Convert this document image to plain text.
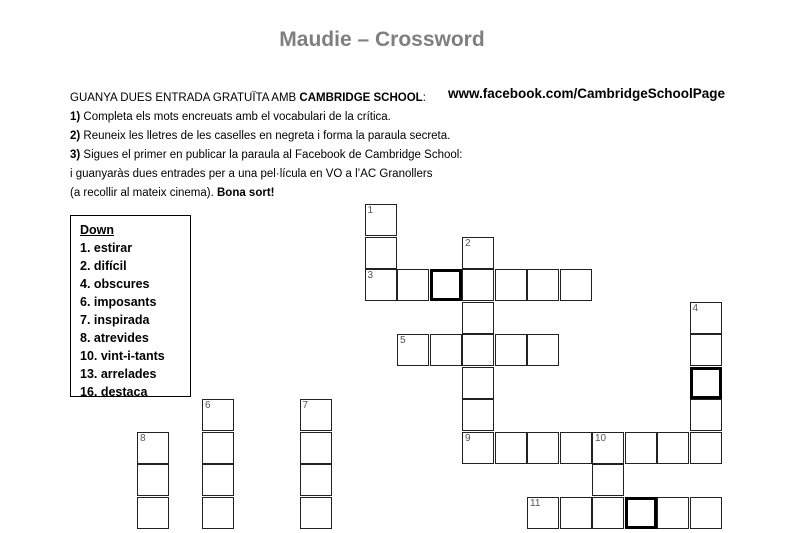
Maudie – Crossword
GUANYA DUES ENTRADA GRATUÏTA AMB CAMBRIDGE SCHOOL:
1) Completa els mots encreuats amb el vocabulari de la crítica.
2) Reuneix les lletres de les caselles en negreta i forma la paraula secreta.
3) Sigues el primer en publicar la paraula al Facebook de Cambridge School:
i guanyaràs dues entrades per a una pel·lícula en VO a l’AC Granollers
(a recollir al mateix cinema). Bona sort!
www.facebook.com/CambridgeSchoolPage
Down
1. estirar
2. difícil
4. obscures
6. imposants
7. inspirada
8. atrevides
10. vint-i-tants
13. arrelades
16. destaca
1
2
3
4
5
6	7
8	9	10
11
